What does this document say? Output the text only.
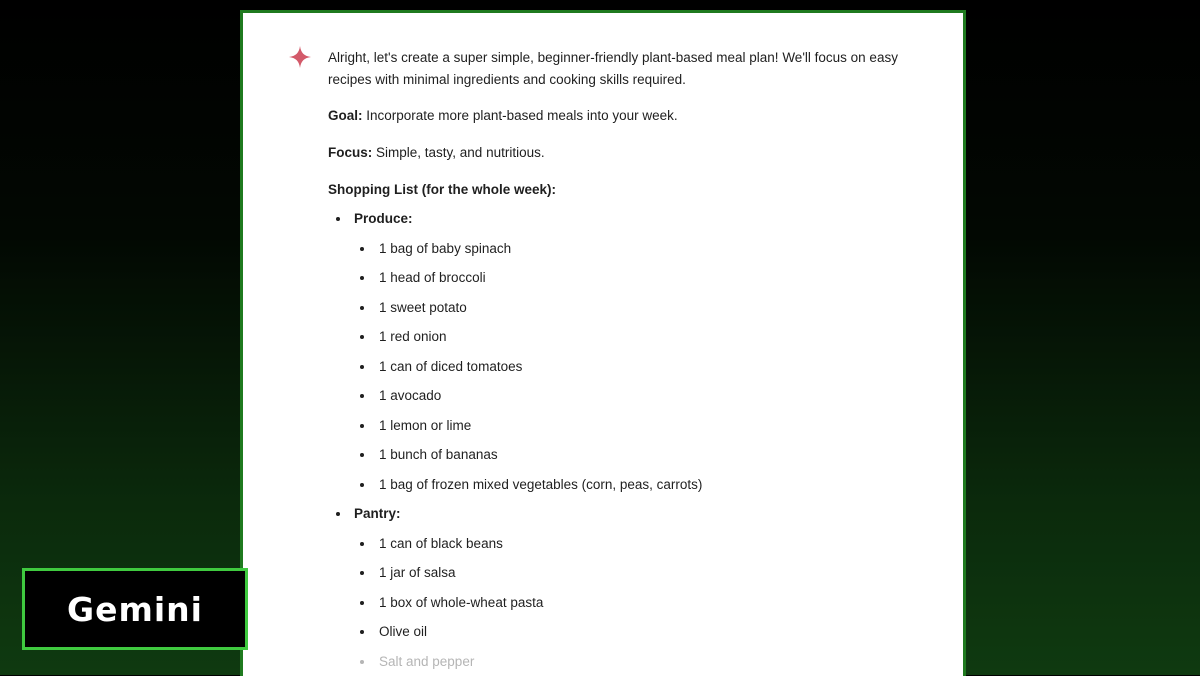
Alright, let's create a super simple, beginner-friendly plant-based meal plan! We'll focus on easy recipes with minimal ingredients and cooking skills required.

Goal: Incorporate more plant-based meals into your week.

Focus: Simple, tasty, and nutritious.

Shopping List (for the whole week):

Produce:
1 bag of baby spinach
1 head of broccoli
1 sweet potato
1 red onion
1 can of diced tomatoes
1 avocado
1 lemon or lime
1 bunch of bananas
1 bag of frozen mixed vegetables (corn, peas, carrots)
Pantry:
1 can of black beans
1 jar of salsa
1 box of whole-wheat pasta
Olive oil
Salt and pepper
Gemini
